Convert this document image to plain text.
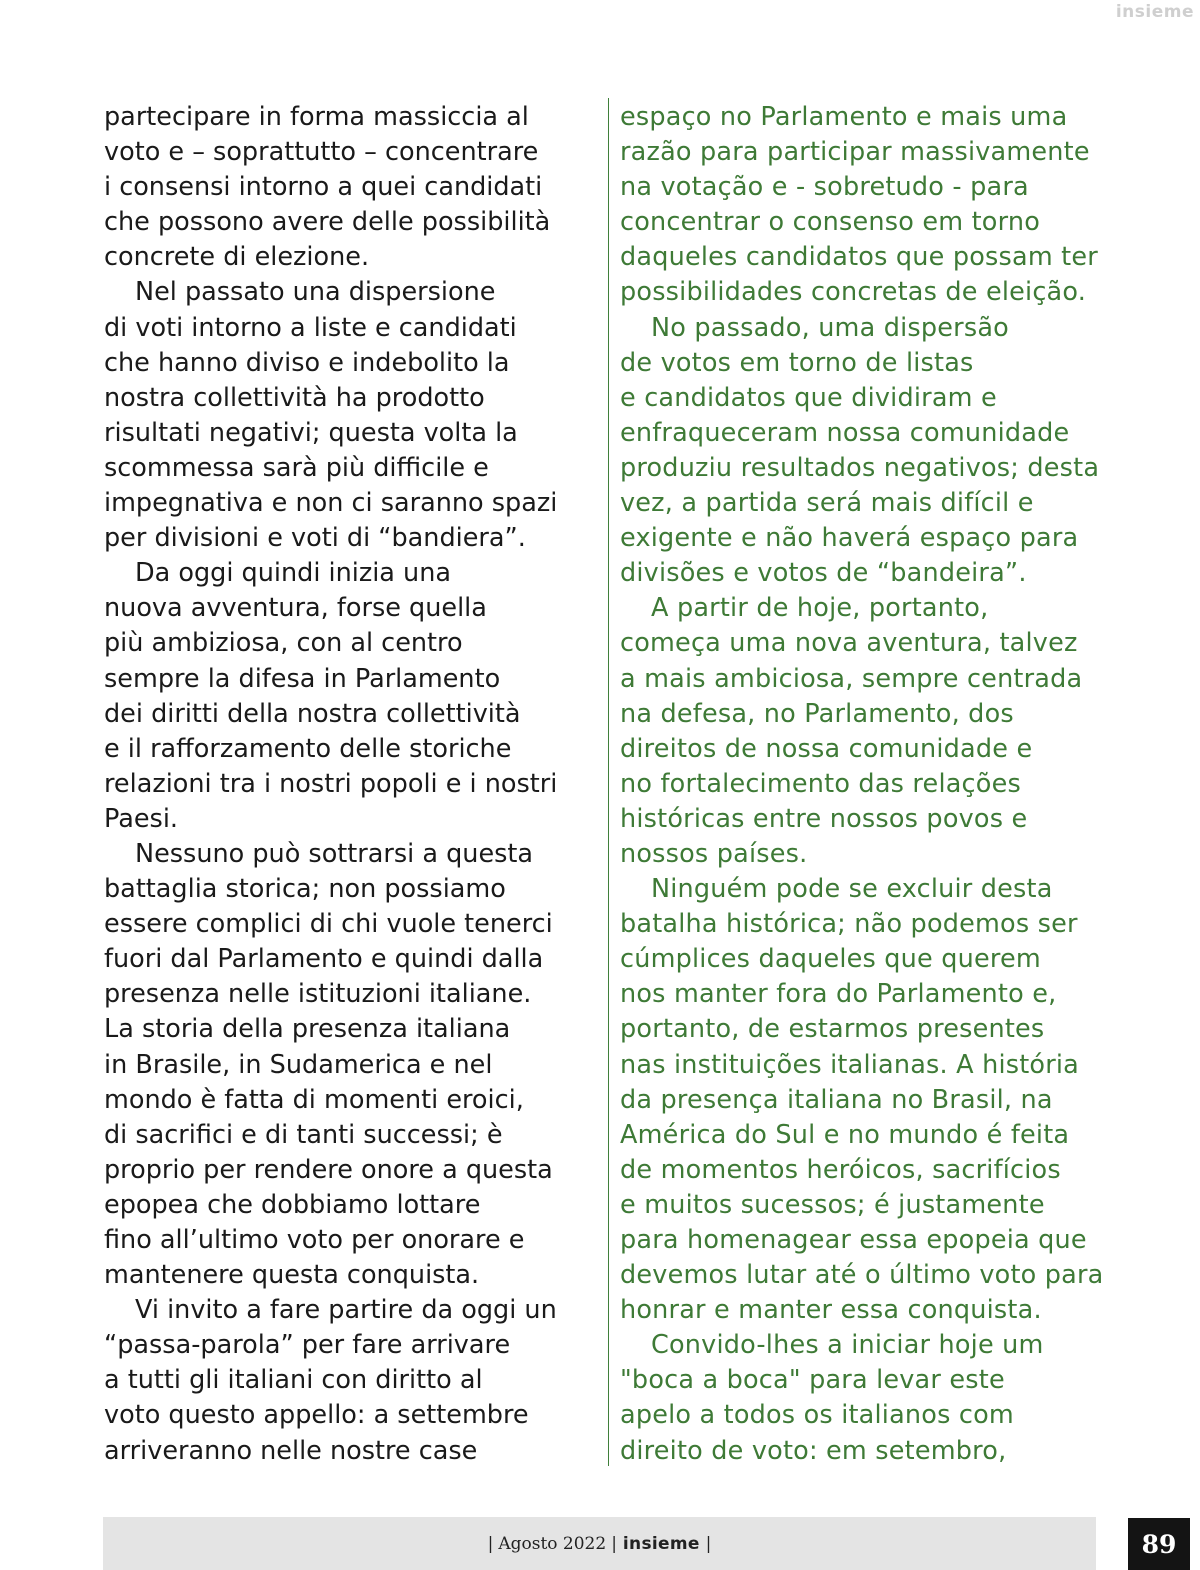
insieme
partecipare in forma massiccia al
voto e – soprattutto – concentrare
i consensi intorno a quei candidati
che possono avere delle possibilità
concrete di elezione.
Nel passato una dispersione
di voti intorno a liste e candidati
che hanno diviso e indebolito la
nostra collettività ha prodotto
risultati negativi; questa volta la
scommessa sarà più difficile e
impegnativa e non ci saranno spazi
per divisioni e voti di “bandiera”.
Da oggi quindi inizia una
nuova avventura, forse quella
più ambiziosa, con al centro
sempre la difesa in Parlamento
dei diritti della nostra collettività
e il rafforzamento delle storiche
relazioni tra i nostri popoli e i nostri
Paesi.
Nessuno può sottrarsi a questa
battaglia storica; non possiamo
essere complici di chi vuole tenerci
fuori dal Parlamento e quindi dalla
presenza nelle istituzioni italiane.
La storia della presenza italiana
in Brasile, in Sudamerica e nel
mondo è fatta di momenti eroici,
di sacrifici e di tanti successi; è
proprio per rendere onore a questa
epopea che dobbiamo lottare
fino all’ultimo voto per onorare e
mantenere questa conquista.
Vi invito a fare partire da oggi un
“passa-parola” per fare arrivare
a tutti gli italiani con diritto al
voto questo appello: a settembre
arriveranno nelle nostre case
espaço no Parlamento e mais uma
razão para participar massivamente
na votação e - sobretudo - para
concentrar o consenso em torno
daqueles candidatos que possam ter
possibilidades concretas de eleição.
No passado, uma dispersão
de votos em torno de listas
e candidatos que dividiram e
enfraqueceram nossa comunidade
produziu resultados negativos; desta
vez, a partida será mais difícil e
exigente e não haverá espaço para
divisões e votos de “bandeira”.
A partir de hoje, portanto,
começa uma nova aventura, talvez
a mais ambiciosa, sempre centrada
na defesa, no Parlamento, dos
direitos de nossa comunidade e
no fortalecimento das relações
históricas entre nossos povos e
nossos países.
Ninguém pode se excluir desta
batalha histórica; não podemos ser
cúmplices daqueles que querem
nos manter fora do Parlamento e,
portanto, de estarmos presentes
nas instituições italianas. A história
da presença italiana no Brasil, na
América do Sul e no mundo é feita
de momentos heróicos, sacrifícios
e muitos sucessos; é justamente
para homenagear essa epopeia que
devemos lutar até o último voto para
honrar e manter essa conquista.
Convido-lhes a iniciar hoje um
"boca a boca" para levar este
apelo a todos os italianos com
direito de voto: em setembro,
| Agosto 2022 | insieme |	89
